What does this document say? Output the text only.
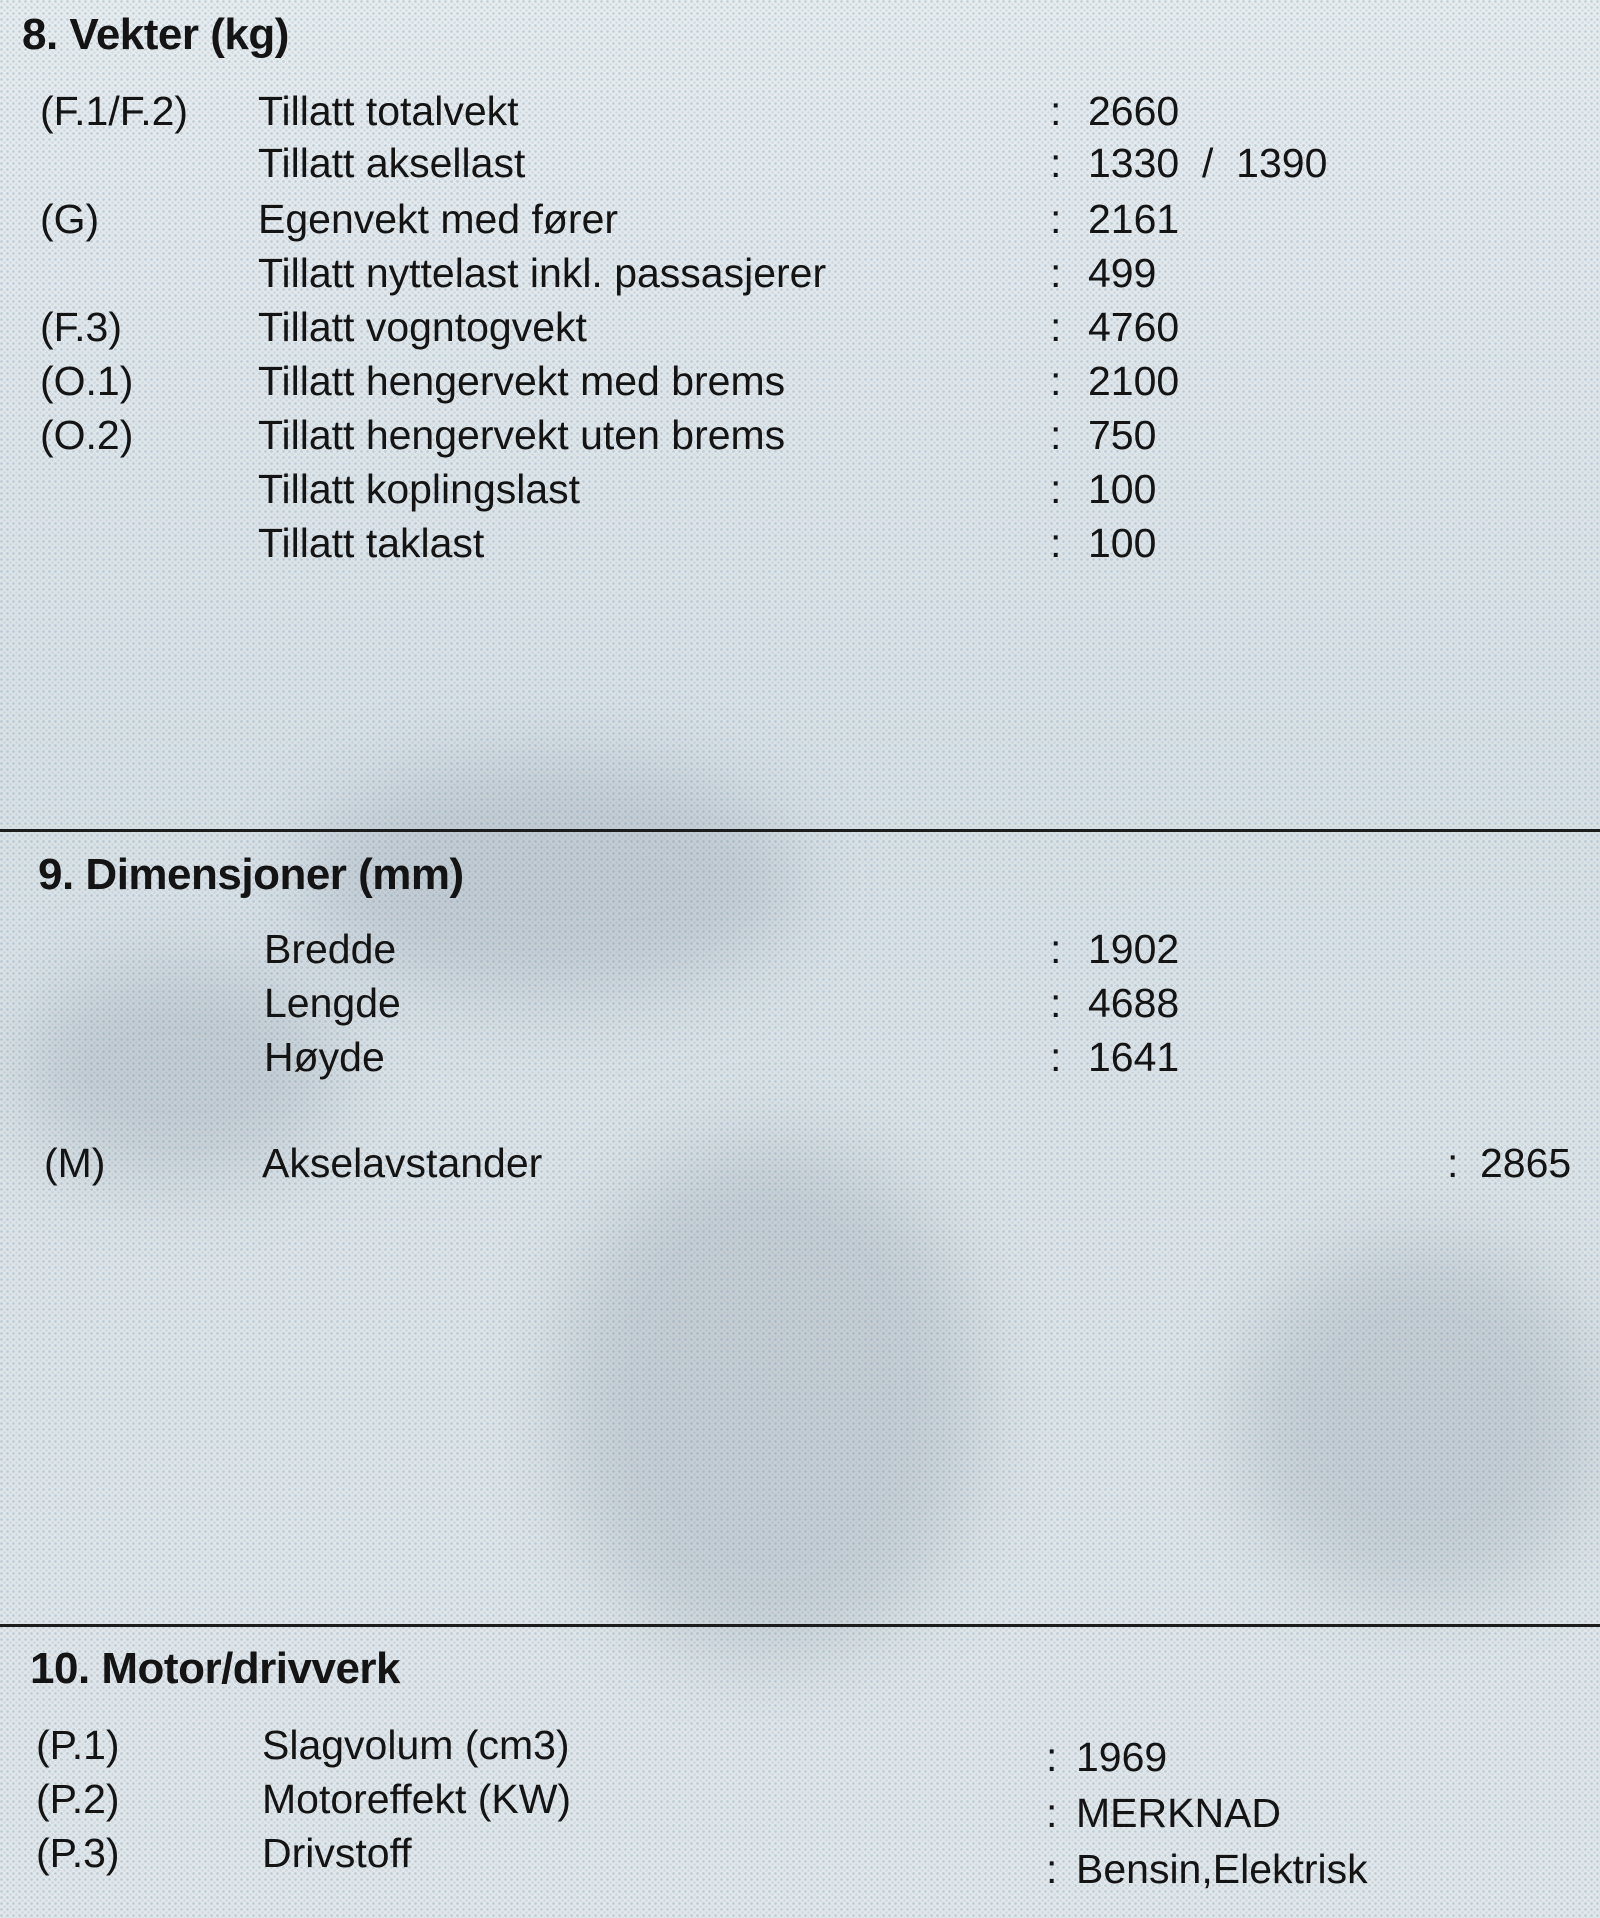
8. Vekter (kg)
(F.1/F.2) Tillatt totalvekt	: 2660
Tillatt aksellast	: 1330  /  1390
(G)	Egenvekt med fører	: 2161
Tillatt nyttelast inkl. passasjerer	: 499
(F.3)	Tillatt vogntogvekt	: 4760
(O.1)	Tillatt hengervekt med brems	: 2100
(O.2)	Tillatt hengervekt uten brems	: 750
Tillatt koplingslast	: 100
Tillatt taklast	: 100
9. Dimensjoner (mm)
Bredde	: 1902
Lengde	: 4688
Høyde	: 1641
(M)	Akselavstander	: 2865
10. Motor/drivverk
(P.1)	Slagvolum (cm3)	: 1969
(P.2)	Motoreffekt (KW)	: MERKNAD
(P.3)	Drivstoff	: Bensin,Elektrisk
